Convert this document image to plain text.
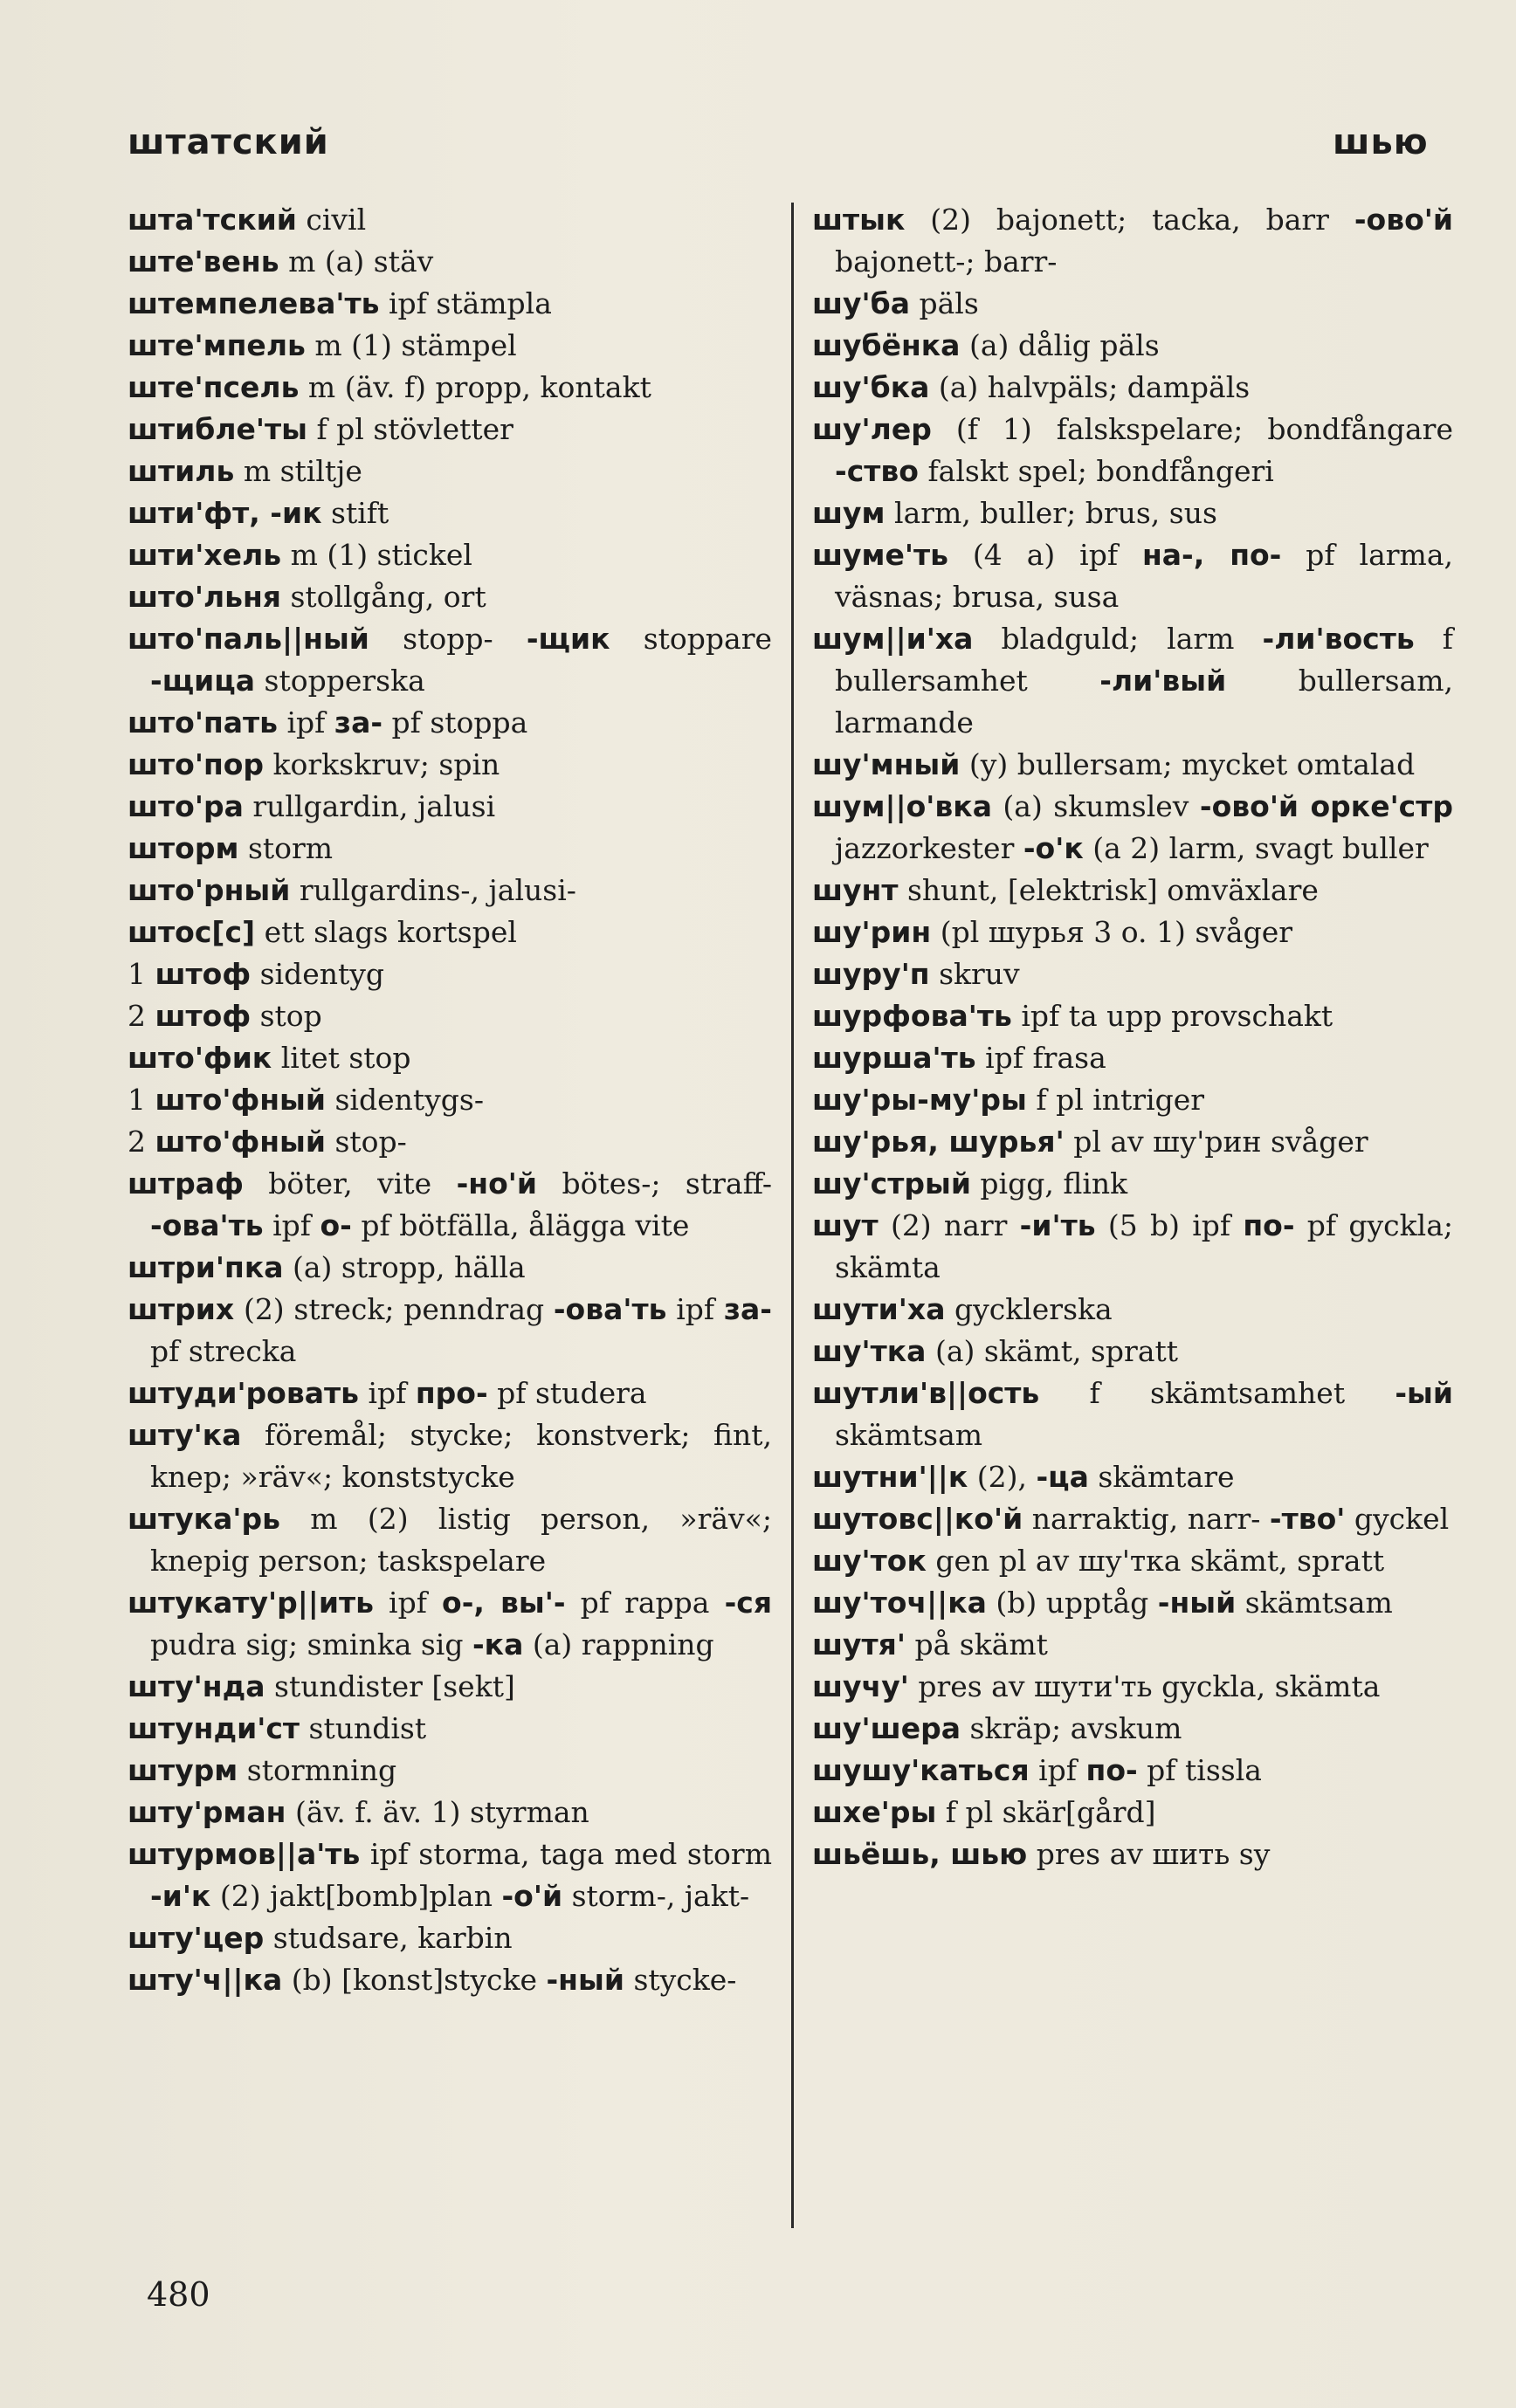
штатский	шью

шта'тский civil

ште'вень m (a) stäv

штемпелева'ть ipf stämpla

ште'мпель m (1) stämpel

ште'псель m (äv. f) propp, kontakt

штибле'ты f pl stövletter

штиль m stiltje

шти'фт, -ик stift

шти'хель m (1) stickel

што'льня stollgång, ort

што'паль||ный stopp- -щик stoppare -щица stopperska

што'пать ipf за- pf stoppa

што'пор korkskruv; spin

што'ра rullgardin, jalusi

шторм storm

што'рный rullgardins-, jalusi-

штос[с] ett slags kortspel

1 штоф sidentyg

2 штоф stop

што'фик litet stop

1 што'фный sidentygs-

2 што'фный stop-

штраф böter, vite -но'й bötes-; straff- -ова'ть ipf о- pf bötfälla, ålägga vite

штри'пка (a) stropp, hälla

штрих (2) streck; penndrag -ова'ть ipf за- pf strecka

штуди'ровать ipf про- pf studera

шту'ка föremål; stycke; konstverk; fint, knep; »räv«; konststycke

штука'рь m (2) listig person, »räv«; knepig person; taskspelare

штукату'р||ить ipf о-, вы'- pf rappa -ся pudra sig; sminka sig -ка (a) rappning

шту'нда stundister [sekt]

штунди'ст stundist

штурм stormning

шту'рман (äv. f. äv. 1) styrman

штурмов||а'ть ipf storma, taga med storm -и'к (2) jakt[bomb]plan -о'й storm-, jakt-

шту'цер studsare, karbin

шту'ч||ка (b) [konst]stycke -ный stycke-

штык (2) bajonett; tacka, barr -ово'й bajonett-; barr-

шу'ба päls

шубёнка (a) dålig päls

шу'бка (a) halvpäls; dampäls

шу'лер (f 1) falskspelare; bondfångare -ство falskt spel; bondfångeri

шум larm, buller; brus, sus

шуме'ть (4 a) ipf на-, по- pf larma, väsnas; brusa, susa

шум||и'ха bladguld; larm -ли'вость f bullersamhet -ли'вый bullersam, larmande

шу'мный (y) bullersam; mycket omtalad

шум||о'вка (a) skumslev -ово'й оркe'стр jazzorkester -о'к (a 2) larm, svagt buller

шунт shunt, [elektrisk] omväxlare

шу'рин (pl шурья 3 o. 1) svåger

шуру'п skruv

шурфова'ть ipf ta upp provschakt

шурша'ть ipf frasa

шу'ры-му'ры f pl intriger

шу'рья, шурья' pl av шу'рин svåger

шу'стрый pigg, flink

шут (2) narr -и'ть (5 b) ipf по- pf gyckla; skämta

шути'ха gycklerska

шу'тка (a) skämt, spratt

шутли'в||ость f skämtsamhet -ый skämtsam

шутни'||к (2), -ца skämtare

шутовс||ко'й narraktig, narr- -тво' gyckel

шу'ток gen pl av шу'тка skämt, spratt

шу'точ||ка (b) upptåg -ный skämtsam

шутя' på skämt

шучу' pres av шути'ть gyckla, skämta

шу'шера skräp; avskum

шушу'каться ipf по- pf tissla

шхе'ры f pl skär[gård]

шьёшь, шью pres av шить sy

480
